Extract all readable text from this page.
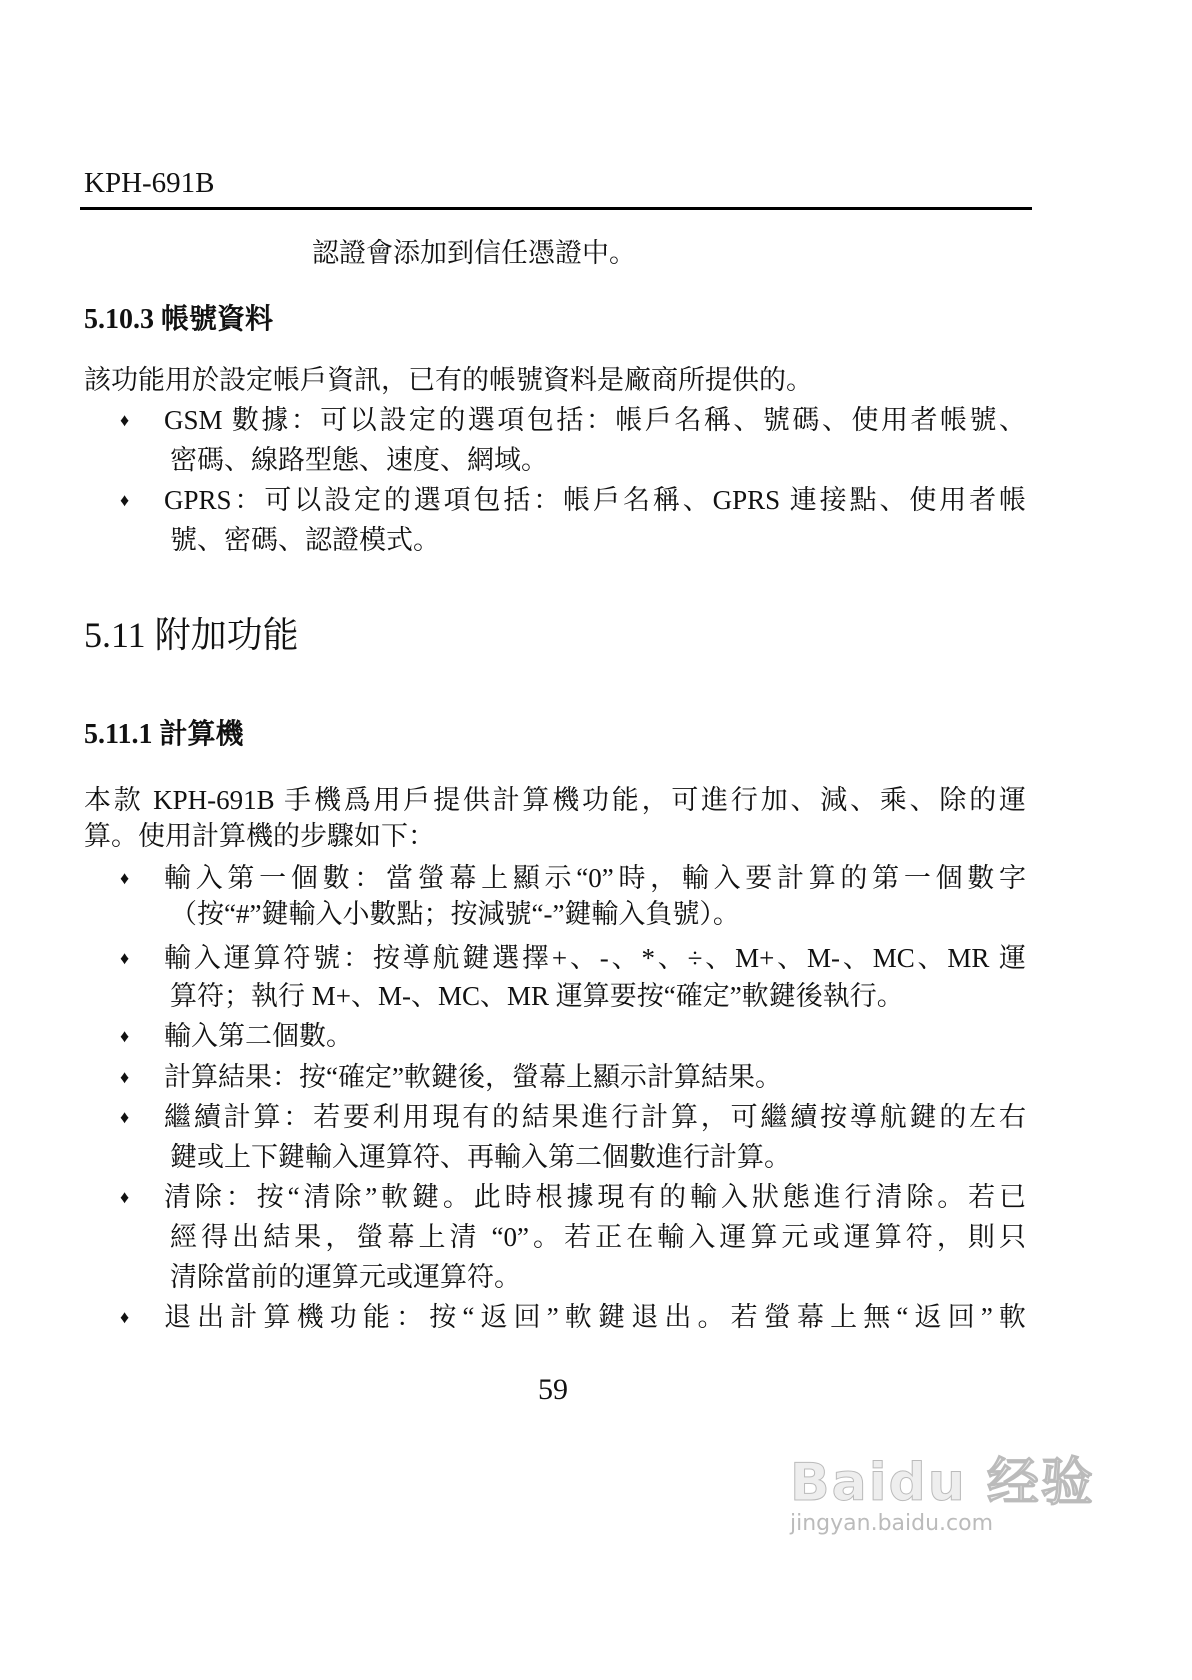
KPH-691B
認證會添加到信任憑證中。
5.10.3 帳號資料
該功能用於設定帳戶資訊，已有的帳號資料是廠商所提供的。
♦ GSM 數據：可以設定的選項包括：帳戶名稱、號碼、使用者帳號、
密碼、線路型態、速度、網域。
♦ GPRS：可以設定的選項包括：帳戶名稱、GPRS 連接點、使用者帳
號、密碼、認證模式。
5.11 附加功能
5.11.1 計算機
本款 KPH-691B 手機爲用戶提供計算機功能，可進行加、減、乘、除的運
算。使用計算機的步驟如下：
♦ 輸入第一個數：當螢幕上顯示“0”時，輸入要計算的第一個數字
（按“#”鍵輸入小數點；按減號“-”鍵輸入負號）。
♦ 輸入運算符號：按導航鍵選擇+、-、*、÷、M+、M-、MC、MR 運
算符；執行 M+、M-、MC、MR 運算要按“確定”軟鍵後執行。
♦ 輸入第二個數。
♦ 計算結果：按“確定”軟鍵後，螢幕上顯示計算結果。
♦ 繼續計算：若要利用現有的結果進行計算，可繼續按導航鍵的左右
鍵或上下鍵輸入運算符、再輸入第二個數進行計算。
♦ 清除：按“清除”軟鍵。此時根據現有的輸入狀態進行清除。若已
經得出結果，螢幕上清 “0”。若正在輸入運算元或運算符，則只
清除當前的運算元或運算符。
♦ 退出計算機功能：按“返回”軟鍵退出。若螢幕上無“返回”軟
59
Baidu 经验
jingyan.baidu.com
